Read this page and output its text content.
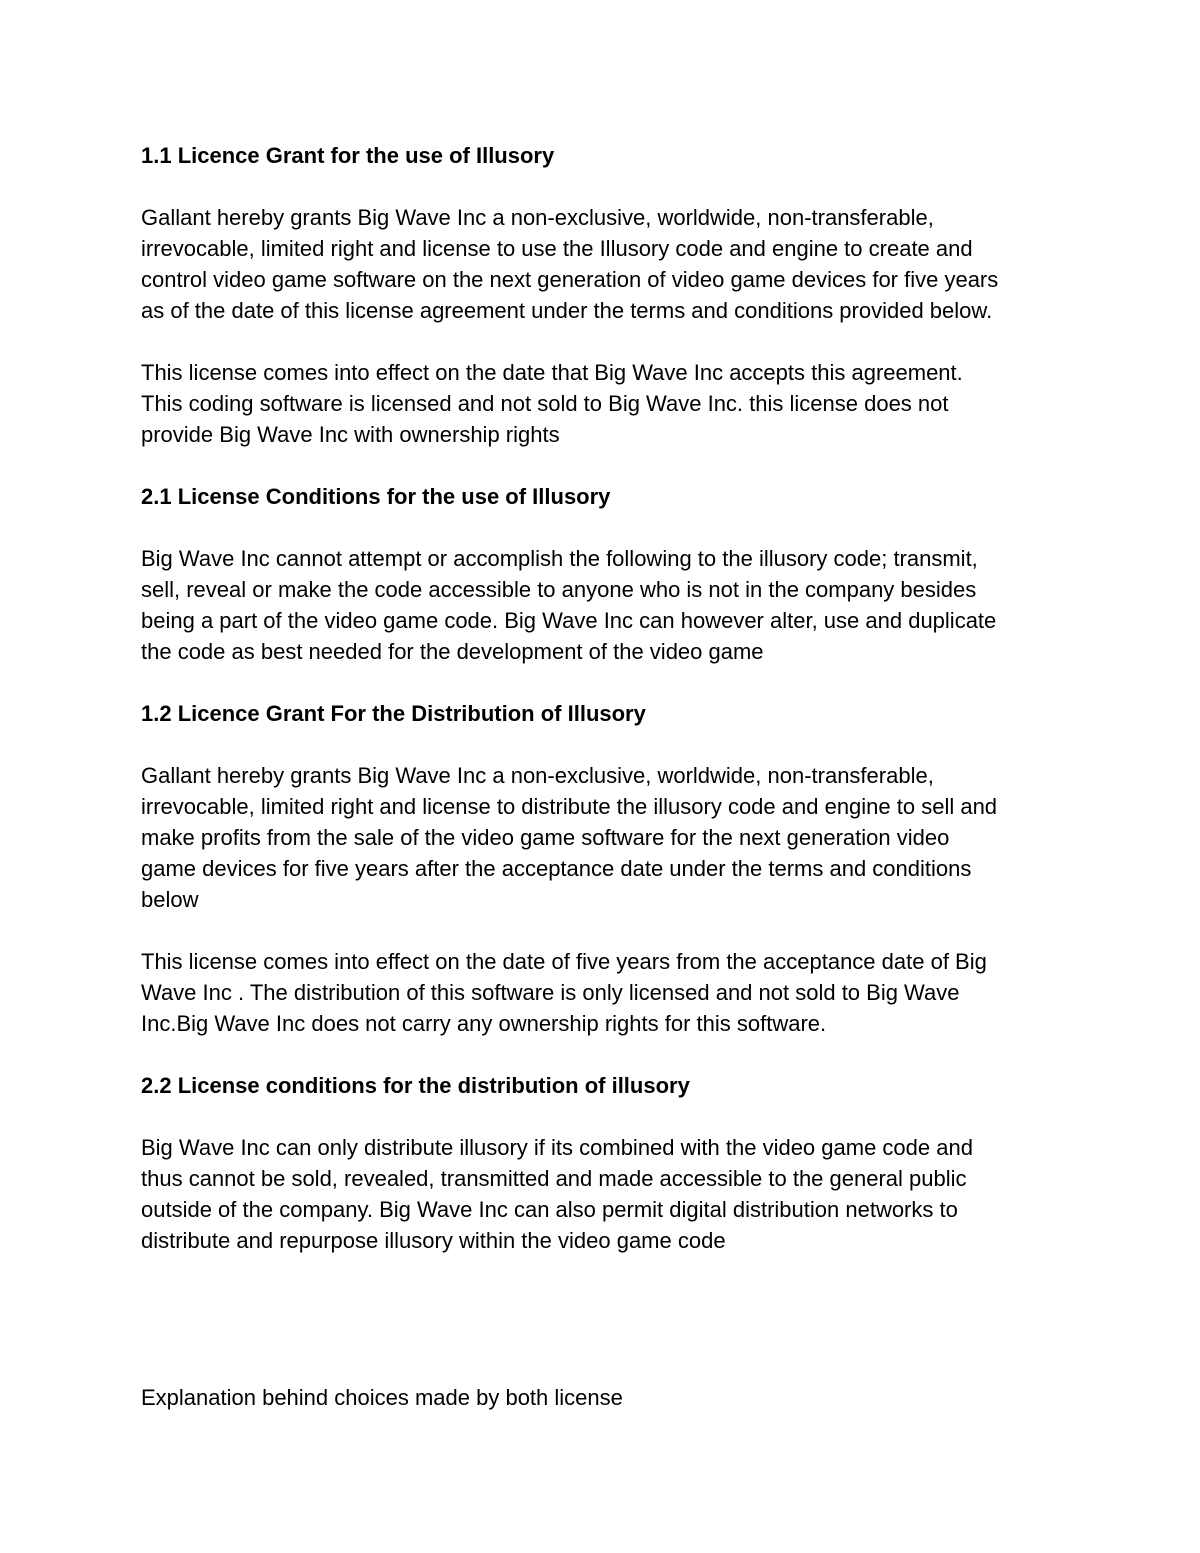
1.1 Licence Grant for the use of Illusory

Gallant hereby grants Big Wave Inc a non-exclusive, worldwide, non-transferable,

irrevocable, limited right and license to use the Illusory code and engine to create and

control video game software on the next generation of video game devices for five years

as of the date of this license agreement under the terms and conditions provided below.

This license comes into effect on the date that Big Wave Inc accepts this agreement.

This coding software is licensed and not sold to Big Wave Inc. this license does not

provide Big Wave Inc with ownership rights

2.1 License Conditions for the use of Illusory

Big Wave Inc cannot attempt or accomplish the following to the illusory code; transmit,

sell, reveal or make the code accessible to anyone who is not in the company besides

being a part of the video game code. Big Wave Inc can however alter, use and duplicate

the code as best needed for the development of the video game

1.2 Licence Grant For the Distribution of Illusory

Gallant hereby grants Big Wave Inc a non-exclusive, worldwide, non-transferable,

irrevocable, limited right and license to distribute the illusory code and engine to sell and

make profits from the sale of the video game software for the next generation video

game devices for five years after the acceptance date under the terms and conditions

below

This license comes into effect on the date of five years from the acceptance date of Big

Wave Inc . The distribution of this software is only licensed and not sold to Big Wave

Inc.Big Wave Inc does not carry any ownership rights for this software.

2.2 License conditions for the distribution of illusory

Big Wave Inc can only distribute illusory if its combined with the video game code and

thus cannot be sold, revealed, transmitted and made accessible to the general public

outside of the company. Big Wave Inc can also permit digital distribution networks to

distribute and repurpose illusory within the video game code

Explanation behind choices made by both license
